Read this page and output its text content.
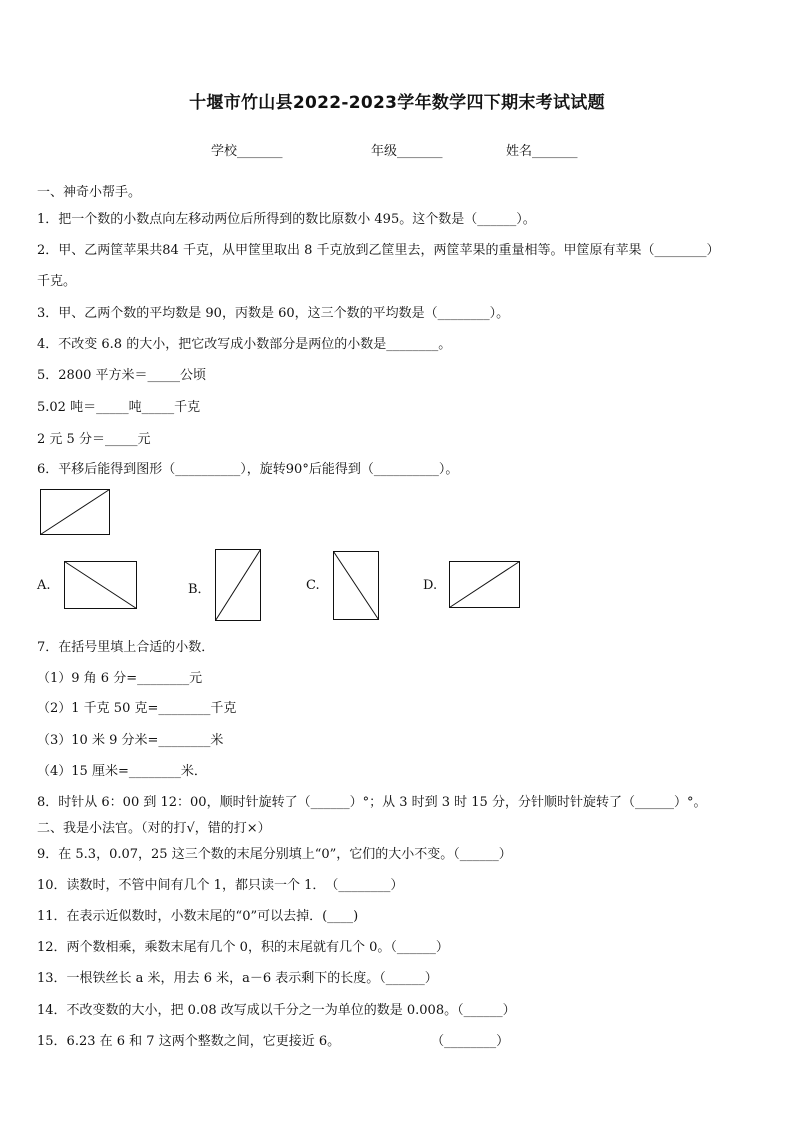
十堰市竹山县2022-2023学年数学四下期末考试试题
学校_______	年级_______	姓名_______
一、神奇小帮手。
1．把一个数的小数点向左移动两位后所得到的数比原数小 495。这个数是（______）。
2．甲、乙两筐苹果共84 千克，从甲筐里取出 8 千克放到乙筐里去，两筐苹果的重量相等。甲筐原有苹果（________）
千克。
3．甲、乙两个数的平均数是 90，丙数是 60，这三个数的平均数是（________）。
4．不改变 6.8 的大小，把它改写成小数部分是两位的小数是________。
5．2800 平方米＝_____公顷
5.02 吨＝_____吨_____千克
2 元 5 分＝_____元
6．平移后能得到图形（__________），旋转90°后能得到（__________）。
A.	B．	C.	D.
7．在括号里填上合适的小数．
（1）9 角 6 分=________元
（2）1 千克 50 克=________千克
（3）10 米 9 分米=________米
（4）15 厘米=________米．
8．时针从 6：00 到 12：00，顺时针旋转了（______）°；从 3 时到 3 时 15 分，分针顺时针旋转了（______）°。
二、我是小法官。（对的打√，错的打×）
9．在 5.3，0.07，25 这三个数的末尾分别填上“0”，它们的大小不变。（______）
10．读数时，不管中间有几个 1，都只读一个 1．　（________）
11．在表示近似数时，小数末尾的“0”可以去掉．(____)
12．两个数相乘，乘数末尾有几个 0，积的末尾就有几个 0。（______）
13．一根铁丝长 a 米，用去 6 米，a－6 表示剩下的长度。（______）
14．不改变数的大小，把 0.08 改写成以千分之一为单位的数是 0.008。（______）
15．6.23 在 6 和 7 这两个整数之间，它更接近 6。　　　　　　　　（________）
